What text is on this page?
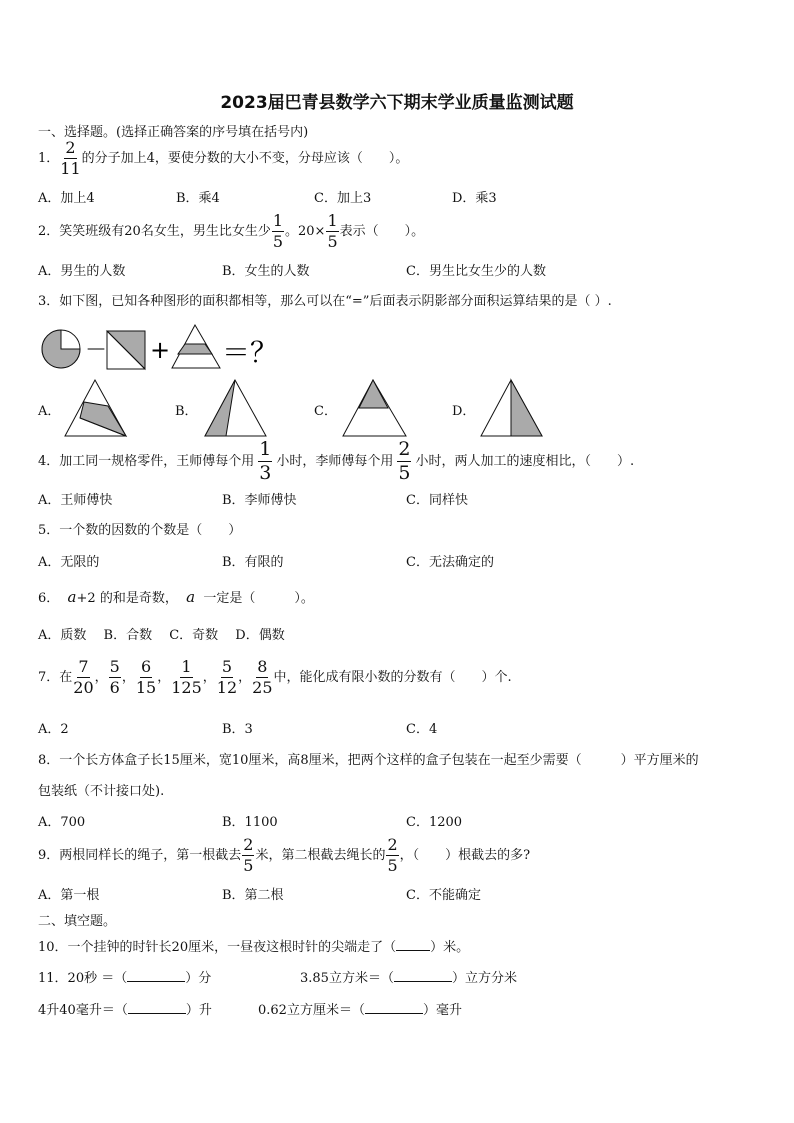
2023届巴青县数学六下期末学业质量监测试题
一、选择题。(选择正确答案的序号填在括号内)
1． $\frac{2}{11}$ 的分子加上4，要使分数的大小不变，分母应该（　　）。
A．加上4	B．乘4	C．加上3	D．乘3
2．笑笑班级有20名女生，男生比女生少 $\frac{1}{5}$ 。$20\times \frac{1}{5}$ 表示（　　）。
A．男生的人数	B．女生的人数	C．男生比女生少的人数
3．如下图，已知各种图形的面积都相等，那么可以在“=”后面表示阴影部分面积运算结果的是（ ）.
－ + ＝？
A．	B．	C．	D．
4．加工同一规格零件，王师傅每个用 $\frac{1}{3}$ 小时，李师傅每个用 $\frac{2}{5}$ 小时，两人加工的速度相比，（　　）.
A．王师傅快	B．李师傅快	C．同样快
5．一个数的因数的个数是（　　）
A．无限的	B．有限的	C．无法确定的
6． a+2 的和是奇数， a 一定是（　　　）。
A．质数　 B．合数　 C．奇数　 D．偶数
7．在 $\frac{7}{20}$ ， $\frac{5}{6}$ ， $\frac{6}{15}$ ， $\frac{1}{125}$ ， $\frac{5}{12}$ ， $\frac{8}{25}$ 中，能化成有限小数的分数有（　　）个.
A．2	B．3	C．4
8．一个长方体盒子长15厘米，宽10厘米，高8厘米，把两个这样的盒子包装在一起至少需要（　　　）平方厘米的
包装纸（不计接口处).
A．700	B．1100	C．1200
9．两根同样长的绳子，第一根截去 $\frac{2}{5}$ 米，第二根截去绳长的 $\frac{2}{5}$ ，（　　）根截去的多?
A．第一根	B．第二根	C．不能确定
二、填空题。
10．一个挂钟的时针长20厘米，一昼夜这根时针的尖端走了（	）米。
11．20秒 ＝（	）分	3.85立方米＝（	）立方分米
4升40毫升＝（	）升	0.62立方厘米＝（	）毫升
